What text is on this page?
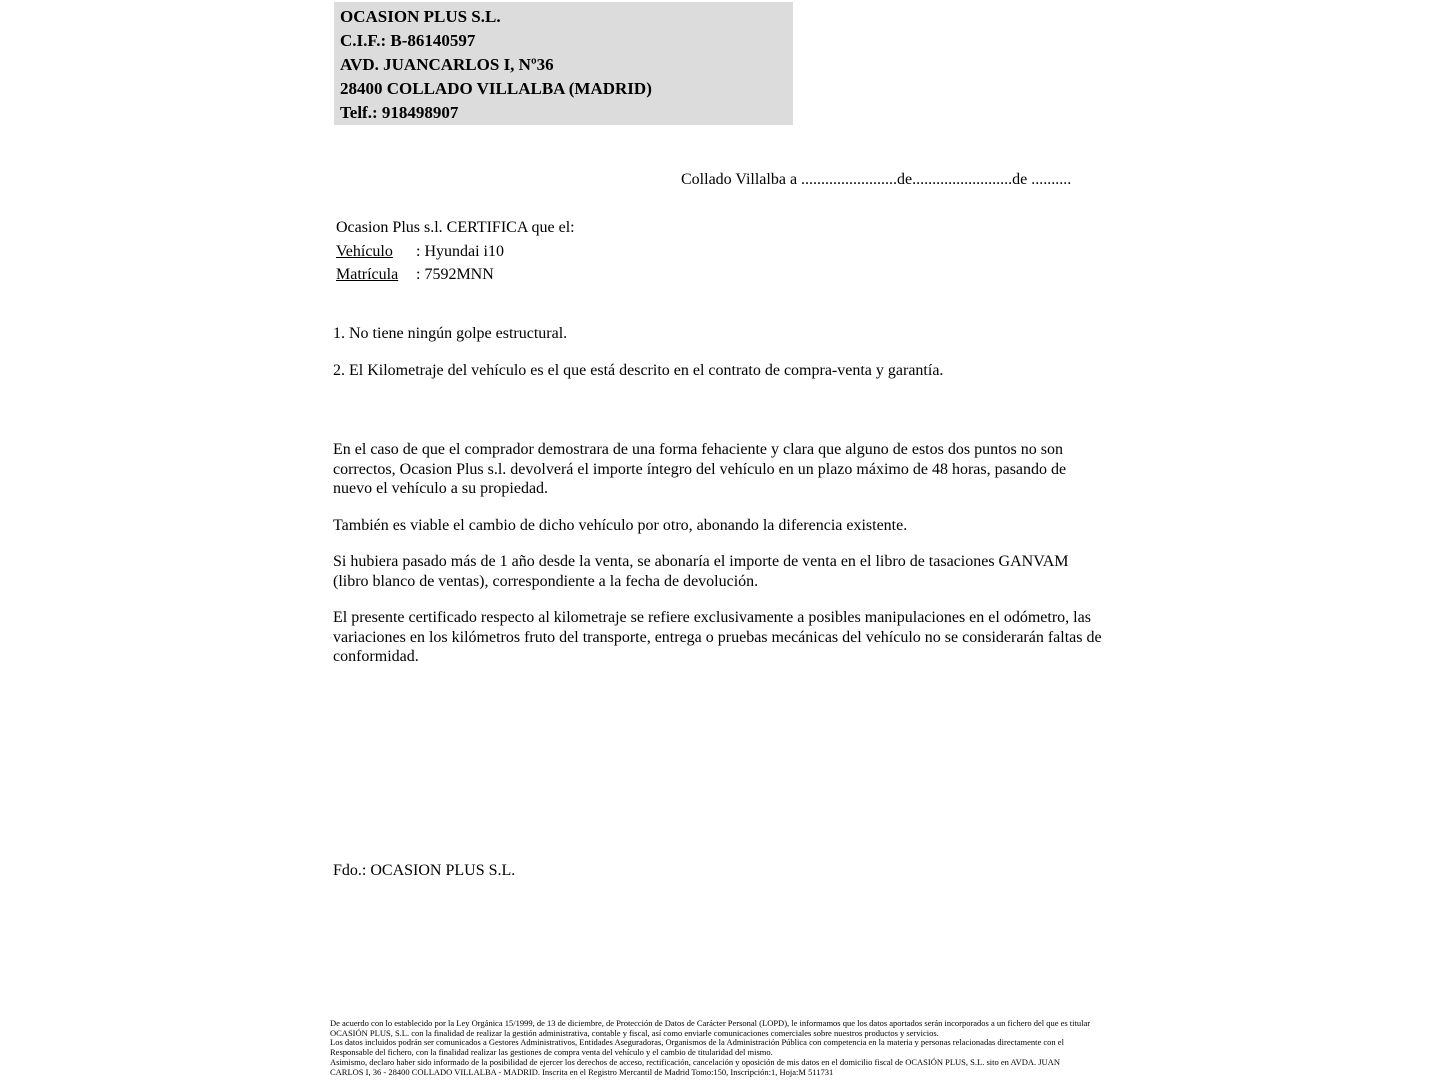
OCASION PLUS S.L.
C.I.F.: B-86140597
AVD. JUANCARLOS I, Nº36
28400 COLLADO VILLALBA (MADRID)
Telf.: 918498907
Collado Villalba a ........................de.........................de ..........
Ocasion Plus s.l. CERTIFICA que el:
Vehículo : Hyundai i10
Matrícula : 7592MNN
1. No tiene ningún golpe estructural.
2. El Kilometraje del vehículo es el que está descrito en el contrato de compra-venta y garantía.

En el caso de que el comprador demostrara de una forma fehaciente y clara que alguno de estos dos puntos no son correctos, Ocasion Plus s.l. devolverá el importe íntegro del vehículo en un plazo máximo de 48 horas, pasando de nuevo el vehículo a su propiedad.

También es viable el cambio de dicho vehículo por otro, abonando la diferencia existente.

Si hubiera pasado más de 1 año desde la venta, se abonaría el importe de venta en el libro de tasaciones GANVAM (libro blanco de ventas), correspondiente a la fecha de devolución.

El presente certificado respecto al kilometraje se refiere exclusivamente a posibles manipulaciones en el odómetro, las variaciones en los kilómetros fruto del transporte, entrega o pruebas mecánicas del vehículo no se considerarán faltas de conformidad.

Fdo.: OCASION PLUS S.L.
De acuerdo con lo establecido por la Ley Orgánica 15/1999, de 13 de diciembre, de Protección de Datos de Carácter Personal (LOPD), le informamos que los datos aportados serán incorporados a un fichero del que es titular
OCASIÓN PLUS, S.L. con la finalidad de realizar la gestión administrativa, contable y fiscal, así como enviarle comunicaciones comerciales sobre nuestros productos y servicios.
Los datos incluidos podrán ser comunicados a Gestores Administrativos, Entidades Aseguradoras, Organismos de la Administración Pública con competencia en la materia y personas relacionadas directamente con el
Responsable del fichero, con la finalidad realizar las gestiones de compra venta del vehículo y el cambio de titularidad del mismo.
Asimismo, declaro haber sido informado de la posibilidad de ejercer los derechos de acceso, rectificación, cancelación y oposición de mis datos en el domicilio fiscal de OCASIÓN PLUS, S.L. sito en AVDA. JUAN
CARLOS I, 36 - 28400 COLLADO VILLALBA - MADRID. Inscrita en el Registro Mercantil de Madrid Tomo:150, Inscripción:1, Hoja:M 511731
